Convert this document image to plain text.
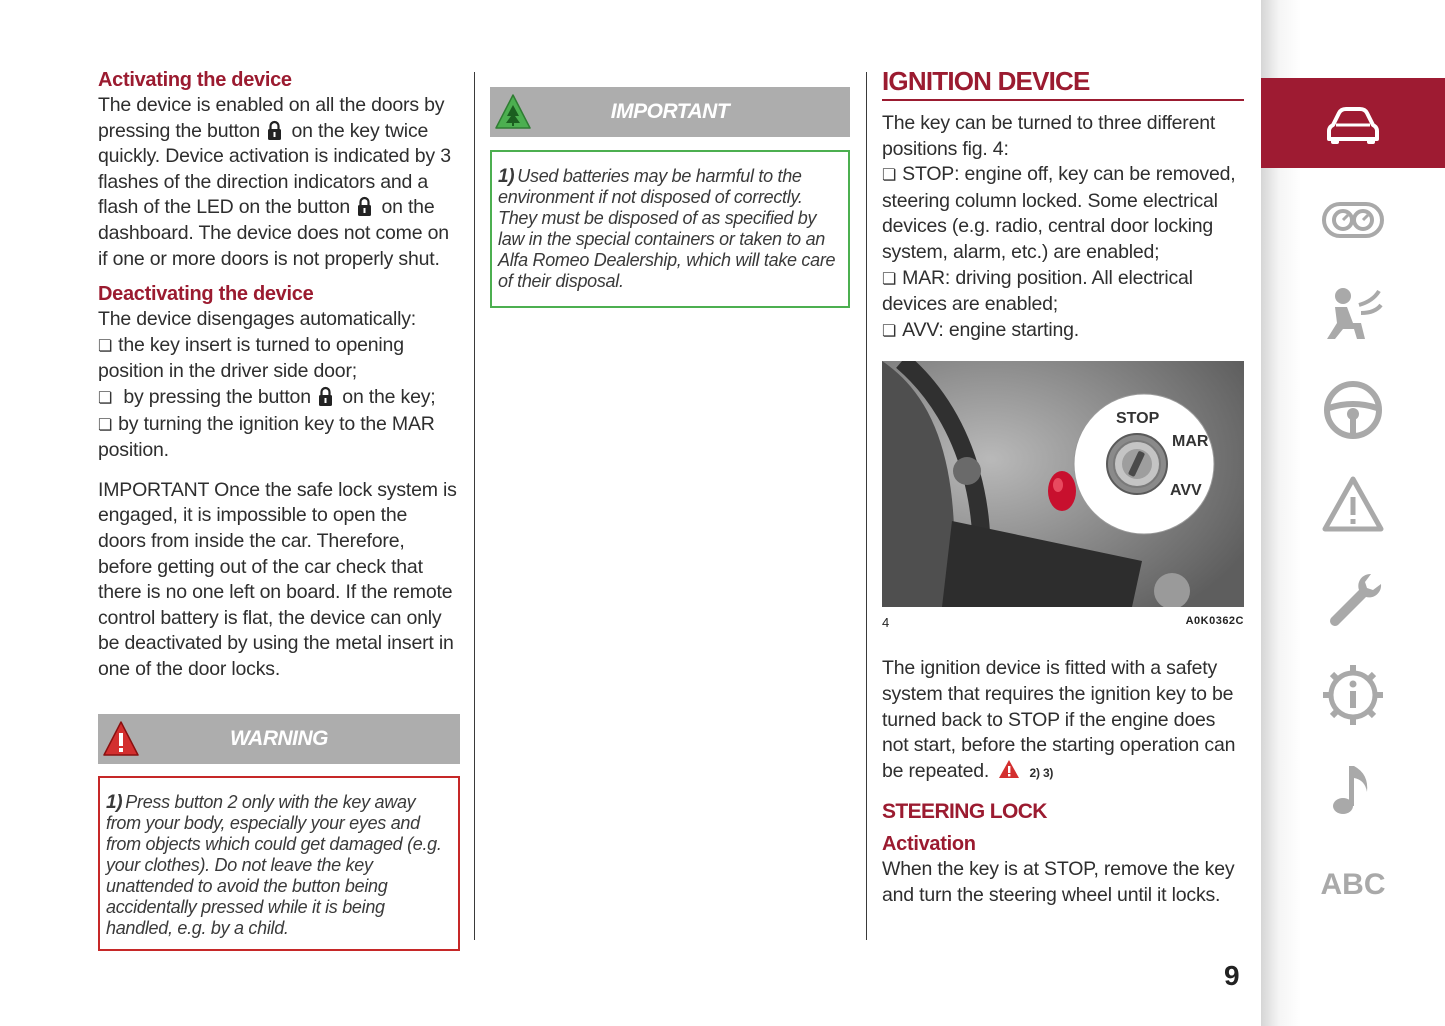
Activating the device

The device is enabled on all the doors by pressing the button on the key twice quickly. Device activation is indicated by 3 flashes of the direction indicators and a flash of the LED on the button on the dashboard. The device does not come on if one or more doors is not properly shut.

Deactivating the device

The device disengages automatically:

❏ the key insert is turned to opening position in the driver side door;

❏ by pressing the button on the key;

❏ by turning the ignition key to the MAR position.

IMPORTANT Once the safe lock system is engaged, it is impossible to open the doors from inside the car. Therefore, before getting out of the car check that there is no one left on board. If the remote control battery is flat, the device can only be deactivated by using the metal insert in one of the door locks.

WARNING
1) Press button 2 only with the key away from your body, especially your eyes and from objects which could get damaged (e.g. your clothes). Do not leave the key unattended to avoid the button being accidentally pressed while it is being handled, e.g. by a child.
IMPORTANT
1) Used batteries may be harmful to the environment if not disposed of correctly. They must be disposed of as specified by law in the special containers or taken to an Alfa Romeo Dealership, which will take care of their disposal.
IGNITION DEVICE

The key can be turned to three different positions fig. 4:

❏ STOP: engine off, key can be removed, steering column locked. Some electrical devices (e.g. radio, central door locking system, alarm, etc.) are enabled;

❏ MAR: driving position. All electrical devices are enabled;

❏ AVV: engine starting.

STOP
MAR
AVV
4	A0K0362C

The ignition device is fitted with a safety system that requires the ignition key to be turned back to STOP if the engine does not start, before the starting operation can be repeated.	2) 3)

STEERING LOCK
Activation

When the key is at STOP, remove the key and turn the steering wheel until it locks.	ABC
9
